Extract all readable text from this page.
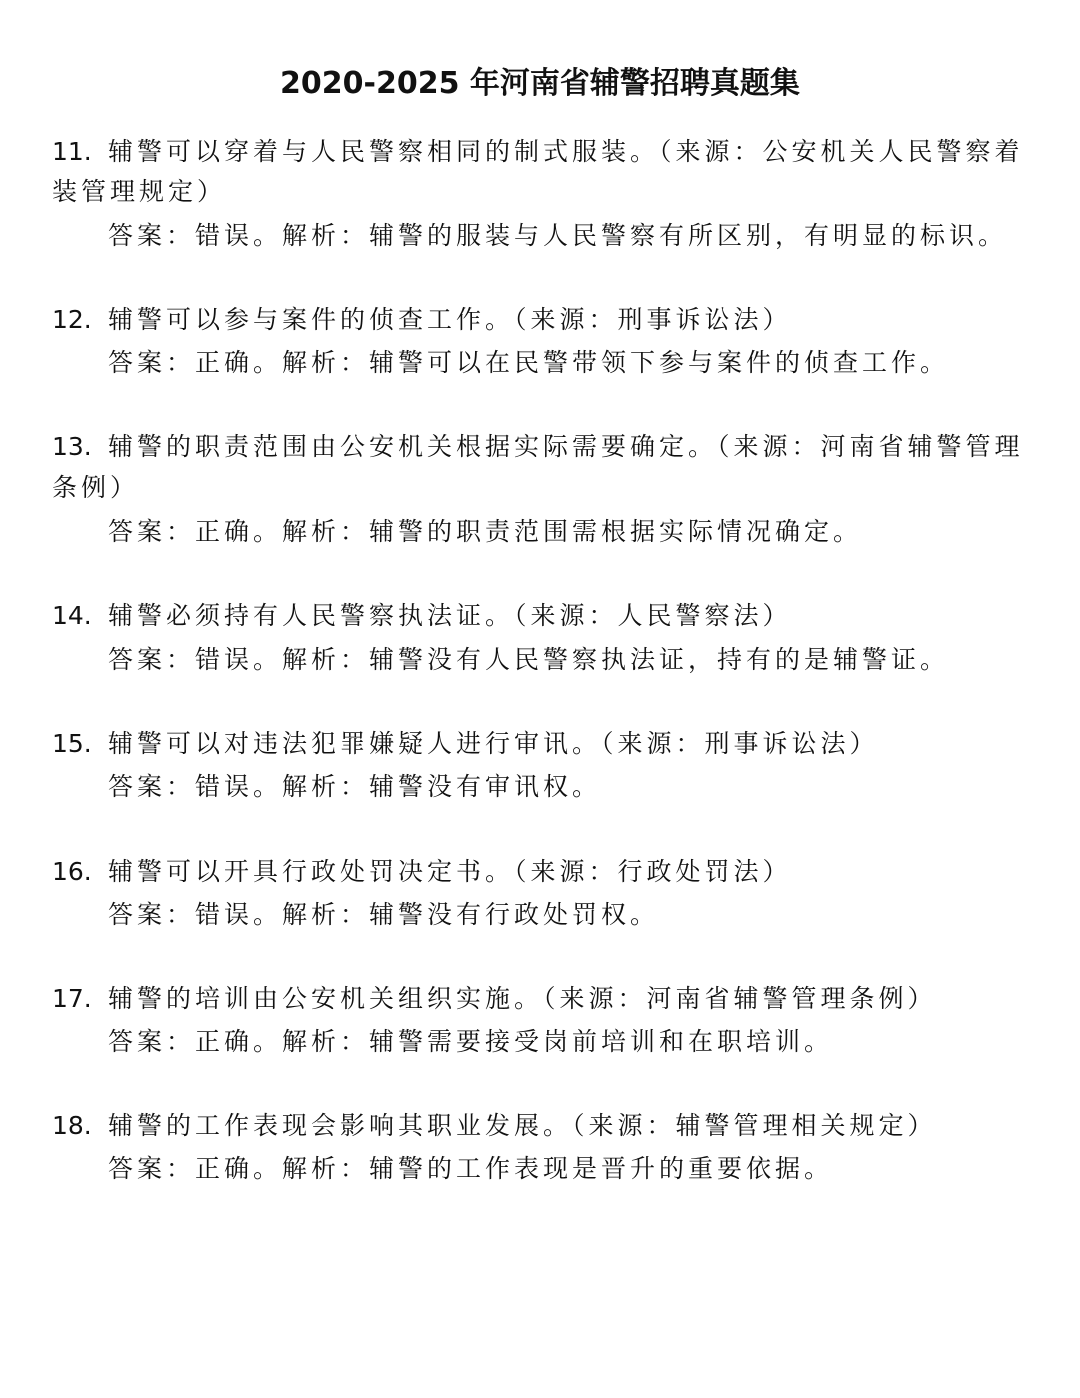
2020-2025 年河南省辅警招聘真题集
11. 辅警可以穿着与人民警察相同的制式服装。（来源：公安机关人民警察着
装管理规定）
答案：错误。解析：辅警的服装与人民警察有所区别，有明显的标识。
12. 辅警可以参与案件的侦查工作。（来源：刑事诉讼法）
答案：正确。解析：辅警可以在民警带领下参与案件的侦查工作。
13. 辅警的职责范围由公安机关根据实际需要确定。（来源：河南省辅警管理
条例）
答案：正确。解析：辅警的职责范围需根据实际情况确定。
14. 辅警必须持有人民警察执法证。（来源：人民警察法）
答案：错误。解析：辅警没有人民警察执法证，持有的是辅警证。
15. 辅警可以对违法犯罪嫌疑人进行审讯。（来源：刑事诉讼法）
答案：错误。解析：辅警没有审讯权。
16. 辅警可以开具行政处罚决定书。（来源：行政处罚法）
答案：错误。解析：辅警没有行政处罚权。
17. 辅警的培训由公安机关组织实施。（来源：河南省辅警管理条例）
答案：正确。解析：辅警需要接受岗前培训和在职培训。
18. 辅警的工作表现会影响其职业发展。（来源：辅警管理相关规定）
答案：正确。解析：辅警的工作表现是晋升的重要依据。
